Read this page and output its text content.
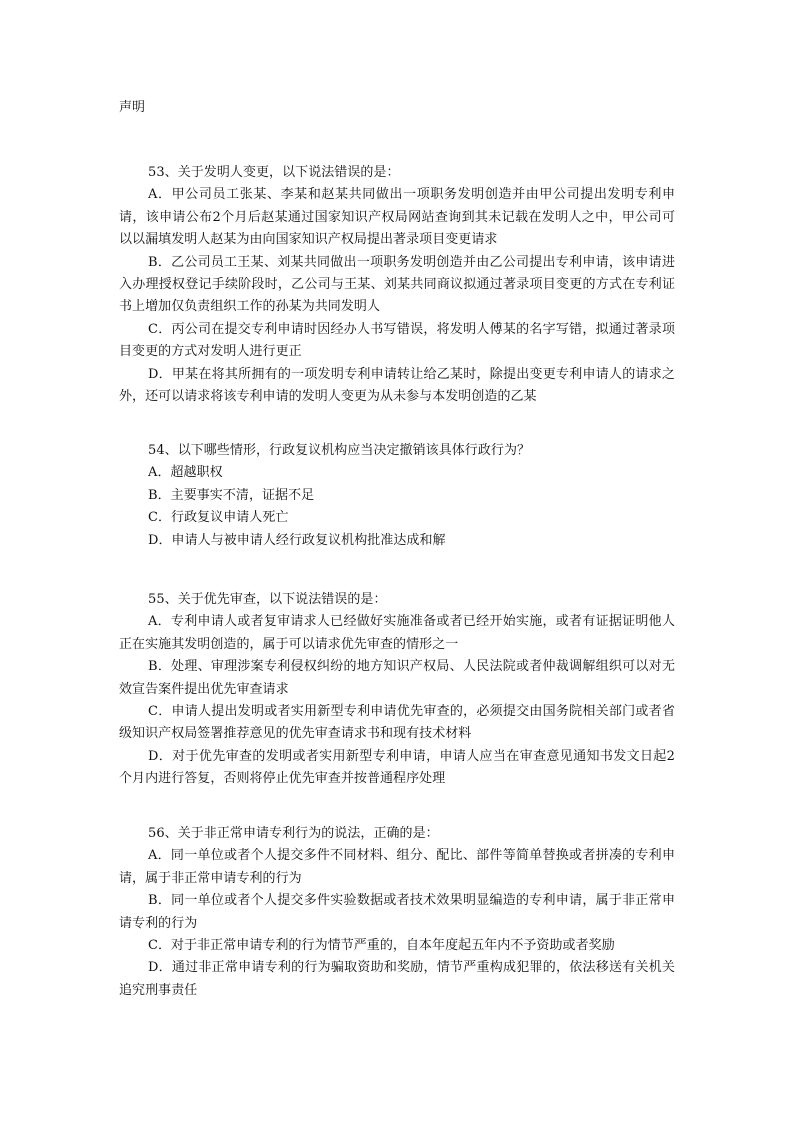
声明

53、关于发明人变更，以下说法错误的是：

A．甲公司员工张某、李某和赵某共同做出一项职务发明创造并由甲公司提出发明专利申请，该申请公布2个月后赵某通过国家知识产权局网站查询到其未记载在发明人之中，甲公司可以以漏填发明人赵某为由向国家知识产权局提出著录项目变更请求

B．乙公司员工王某、刘某共同做出一项职务发明创造并由乙公司提出专利申请，该申请进入办理授权登记手续阶段时，乙公司与王某、刘某共同商议拟通过著录项目变更的方式在专利证书上增加仅负责组织工作的孙某为共同发明人

C．丙公司在提交专利申请时因经办人书写错误，将发明人傅某的名字写错，拟通过著录项目变更的方式对发明人进行更正

D．甲某在将其所拥有的一项发明专利申请转让给乙某时，除提出变更专利申请人的请求之外，还可以请求将该专利申请的发明人变更为从未参与本发明创造的乙某

54、以下哪些情形，行政复议机构应当决定撤销该具体行政行为？

A．超越职权

B．主要事实不清，证据不足

C．行政复议申请人死亡

D．申请人与被申请人经行政复议机构批准达成和解

55、关于优先审查，以下说法错误的是：

A．专利申请人或者复审请求人已经做好实施准备或者已经开始实施，或者有证据证明他人正在实施其发明创造的，属于可以请求优先审查的情形之一

B．处理、审理涉案专利侵权纠纷的地方知识产权局、人民法院或者仲裁调解组织可以对无效宣告案件提出优先审查请求

C．申请人提出发明或者实用新型专利申请优先审查的，必须提交由国务院相关部门或者省级知识产权局签署推荐意见的优先审查请求书和现有技术材料

D．对于优先审查的发明或者实用新型专利申请，申请人应当在审查意见通知书发文日起2个月内进行答复，否则将停止优先审查并按普通程序处理

56、关于非正常申请专利行为的说法，正确的是：

A．同一单位或者个人提交多件不同材料、组分、配比、部件等简单替换或者拼凑的专利申请，属于非正常申请专利的行为

B．同一单位或者个人提交多件实验数据或者技术效果明显编造的专利申请，属于非正常申请专利的行为

C．对于非正常申请专利的行为情节严重的，自本年度起五年内不予资助或者奖励

D．通过非正常申请专利的行为骗取资助和奖励，情节严重构成犯罪的，依法移送有关机关追究刑事责任
